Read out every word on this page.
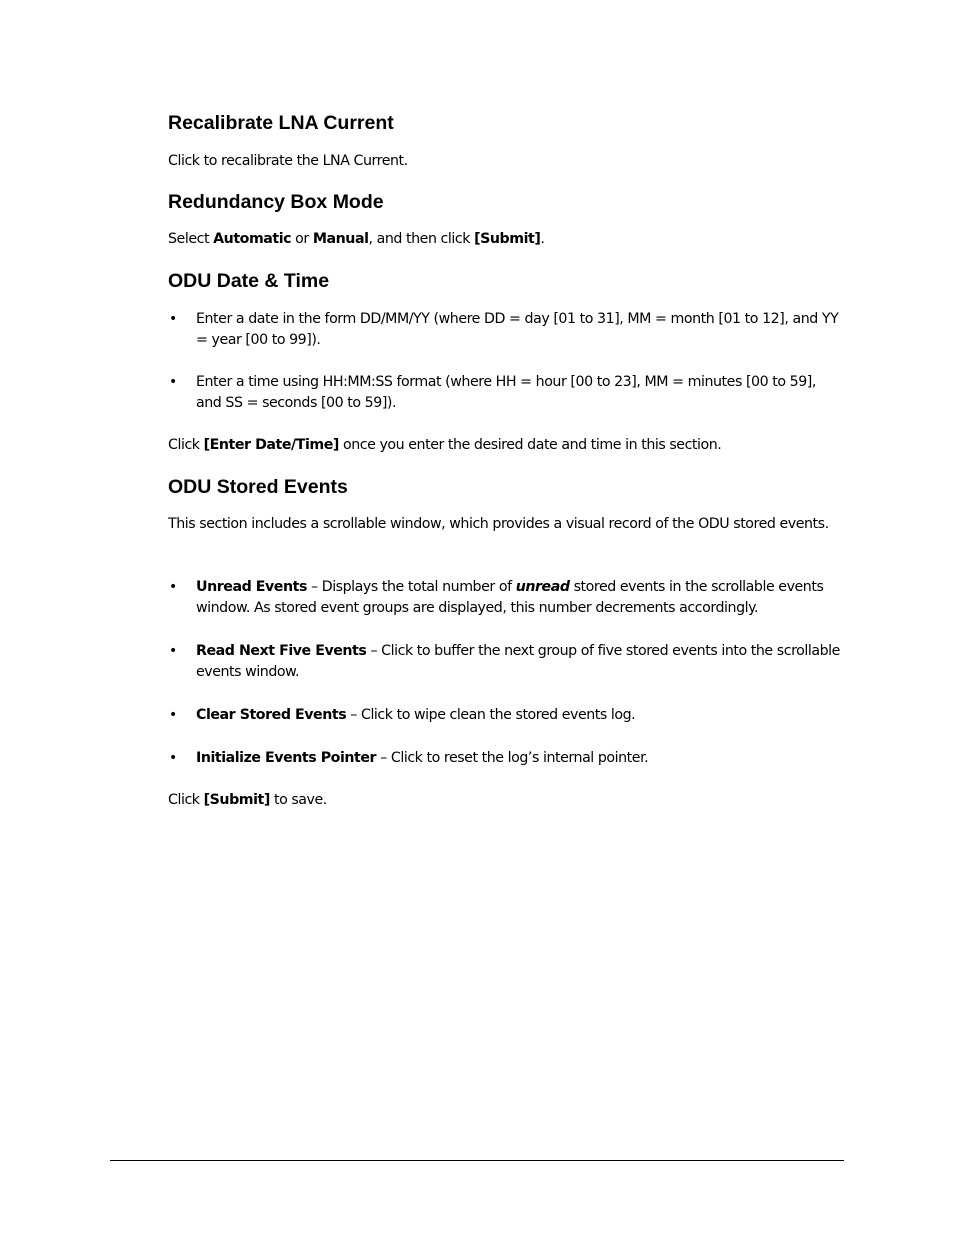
Recalibrate LNA Current

Click to recalibrate the LNA Current.

Redundancy Box Mode

Select Automatic or Manual, and then click [Submit].

ODU Date & Time
• Enter a date in the form DD/MM/YY (where DD = day [01 to 31], MM = month [01 to 12], and YY = year [00 to 99]).
• Enter a time using HH:MM:SS format (where HH = hour [00 to 23], MM = minutes [00 to 59], and SS = seconds [00 to 59]).

Click [Enter Date/Time] once you enter the desired date and time in this section.

ODU Stored Events

This section includes a scrollable window, which provides a visual record of the ODU stored events.

• Unread Events – Displays the total number of unread stored events in the scrollable events window. As stored event groups are displayed, this number decrements accordingly.
• Read Next Five Events – Click to buffer the next group of five stored events into the scrollable events window.
• Clear Stored Events – Click to wipe clean the stored events log.
• Initialize Events Pointer – Click to reset the log’s internal pointer.

Click [Submit] to save.
